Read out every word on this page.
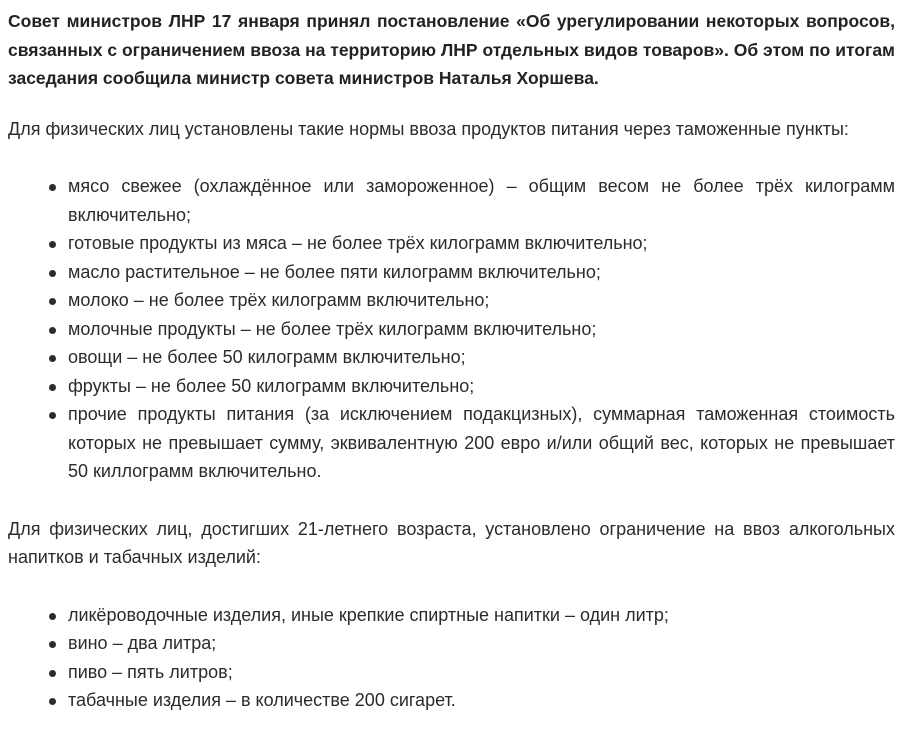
Совет министров ЛНР 17 января принял постановление «Об урегулировании некоторых вопросов, связанных с ограничением ввоза на территорию ЛНР отдельных видов товаров». Об этом по итогам заседания сообщила министр совета министров Наталья Хоршева.

Для физических лиц установлены такие нормы ввоза продуктов питания через таможенные пункты:

мясо свежее (охлаждённое или замороженное) – общим весом не более трёх килограмм включительно;
готовые продукты из мяса – не более трёх килограмм включительно;
масло растительное – не более пяти килограмм включительно;
молоко – не более трёх килограмм включительно;
молочные продукты – не более трёх килограмм включительно;
овощи – не более 50 килограмм включительно;
фрукты – не более 50 килограмм включительно;
прочие продукты питания (за исключением подакцизных), суммарная таможенная стоимость которых не превышает сумму, эквивалентную 200 евро и/или общий вес, которых не превышает 50 киллограмм включительно.

Для физических лиц, достигших 21-летнего возраста, установлено ограничение на ввоз алкогольных напитков и табачных изделий:

ликёроводочные изделия, иные крепкие спиртные напитки – один литр;
вино – два литра;
пиво – пять литров;
табачные изделия – в количестве 200 сигарет.
